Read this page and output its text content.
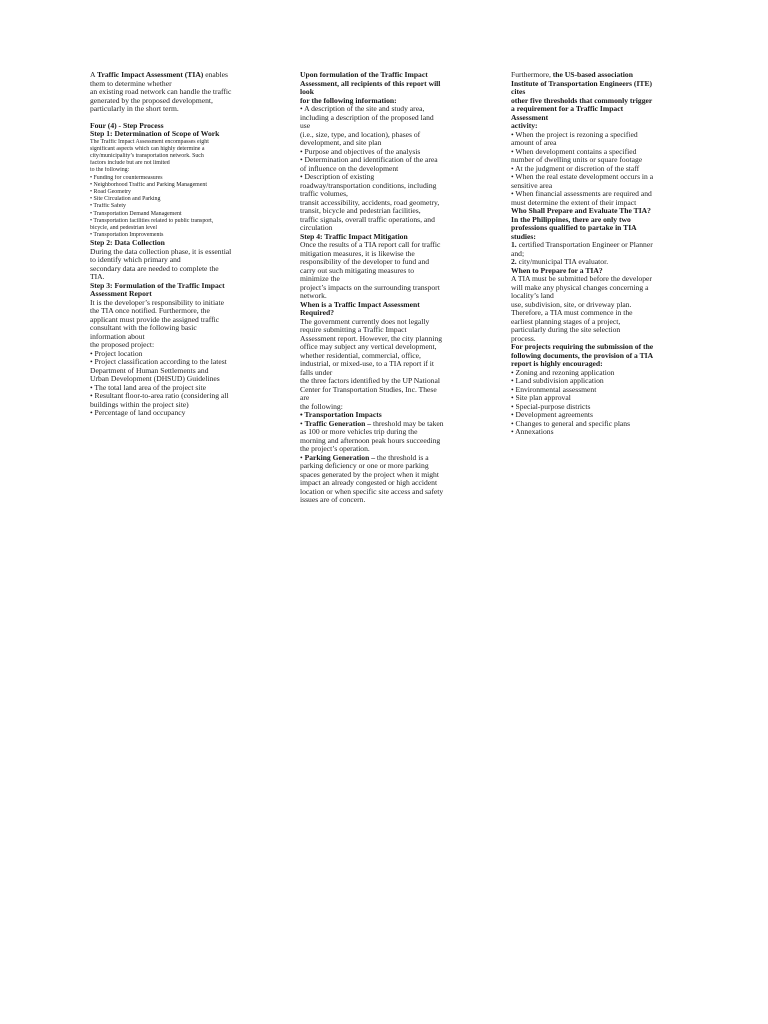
A Traffic Impact Assessment (TIA) enables
them to determine whether
an existing road network can handle the traffic
generated by the proposed development,
particularly in the short term.
Four (4) - Step Process
Step 1: Determination of Scope of Work
The Traffic Impact Assessment encompasses eight
significant aspects which can highly determine a
city/municipality’s transportation network. Such
factors include but are not limited
to the following:
• Funding for countermeasures
• Neighborhood Traffic and Parking Management
• Road Geometry
• Site Circulation and Parking
• Traffic Safety
• Transportation Demand Management
• Transportation facilities related to public transport,
bicycle, and pedestrian level
• Transportation Improvements
Step 2: Data Collection
During the data collection phase, it is essential
to identify which primary and
secondary data are needed to complete the
TIA.
Step 3: Formulation of the Traffic Impact
Assessment Report
It is the developer’s responsibility to initiate
the TIA once notified. Furthermore, the
applicant must provide the assigned traffic
consultant with the following basic
information about
the proposed project:
• Project location
• Project classification according to the latest
Department of Human Settlements and
Urban Development (DHSUD) Guidelines
• The total land area of the project site
• Resultant floor-to-area ratio (considering all
buildings within the project site)
• Percentage of land occupancy
Upon formulation of the Traffic Impact
Assessment, all recipients of this report will
look
for the following information:
• A description of the site and study area,
including a description of the proposed land
use
(i.e., size, type, and location), phases of
development, and site plan
• Purpose and objectives of the analysis
• Determination and identification of the area
of influence on the development
• Description of existing
roadway/transportation conditions, including
traffic volumes,
transit accessibility, accidents, road geometry,
transit, bicycle and pedestrian facilities,
traffic signals, overall traffic operations, and
circulation
Step 4: Traffic Impact Mitigation
Once the results of a TIA report call for traffic
mitigation measures, it is likewise the
responsibility of the developer to fund and
carry out such mitigating measures to
minimize the
project’s impacts on the surrounding transport
network.
When is a Traffic Impact Assessment
Required?
The government currently does not legally
require submitting a Traffic Impact
Assessment report. However, the city planning
office may subject any vertical development,
whether residential, commercial, office,
industrial, or mixed-use, to a TIA report if it
falls under
the three factors identified by the UP National
Center for Transportation Studies, Inc. These
are
the following:
• Transportation Impacts
• Traffic Generation – threshold may be taken
as 100 or more vehicles trip during the
morning and afternoon peak hours succeeding
the project’s operation.
• Parking Generation – the threshold is a
parking deficiency or one or more parking
spaces generated by the project when it might
impact an already congested or high accident
location or when specific site access and safety
issues are of concern.
Furthermore, the US-based association
Institute of Transportation Engineers (ITE)
cites
other five thresholds that commonly trigger
a requirement for a Traffic Impact
Assessment
activity:
• When the project is rezoning a specified
amount of area
• When development contains a specified
number of dwelling units or square footage
• At the judgment or discretion of the staff
• When the real estate development occurs in a
sensitive area
• When financial assessments are required and
must determine the extent of their impact
Who Shall Prepare and Evaluate The TIA?
In the Philippines, there are only two
professions qualified to partake in TIA
studies:
1. certified Transportation Engineer or Planner
and;
2. city/municipal TIA evaluator.
When to Prepare for a TIA?
A TIA must be submitted before the developer
will make any physical changes concerning a
locality’s land
use, subdivision, site, or driveway plan.
Therefore, a TIA must commence in the
earliest planning stages of a project,
particularly during the site selection
process.
For projects requiring the submission of the
following documents, the provision of a TIA
report is highly encouraged:
• Zoning and rezoning application
• Land subdivision application
• Environmental assessment
• Site plan approval
• Special-purpose districts
• Development agreements
• Changes to general and specific plans
• Annexations
